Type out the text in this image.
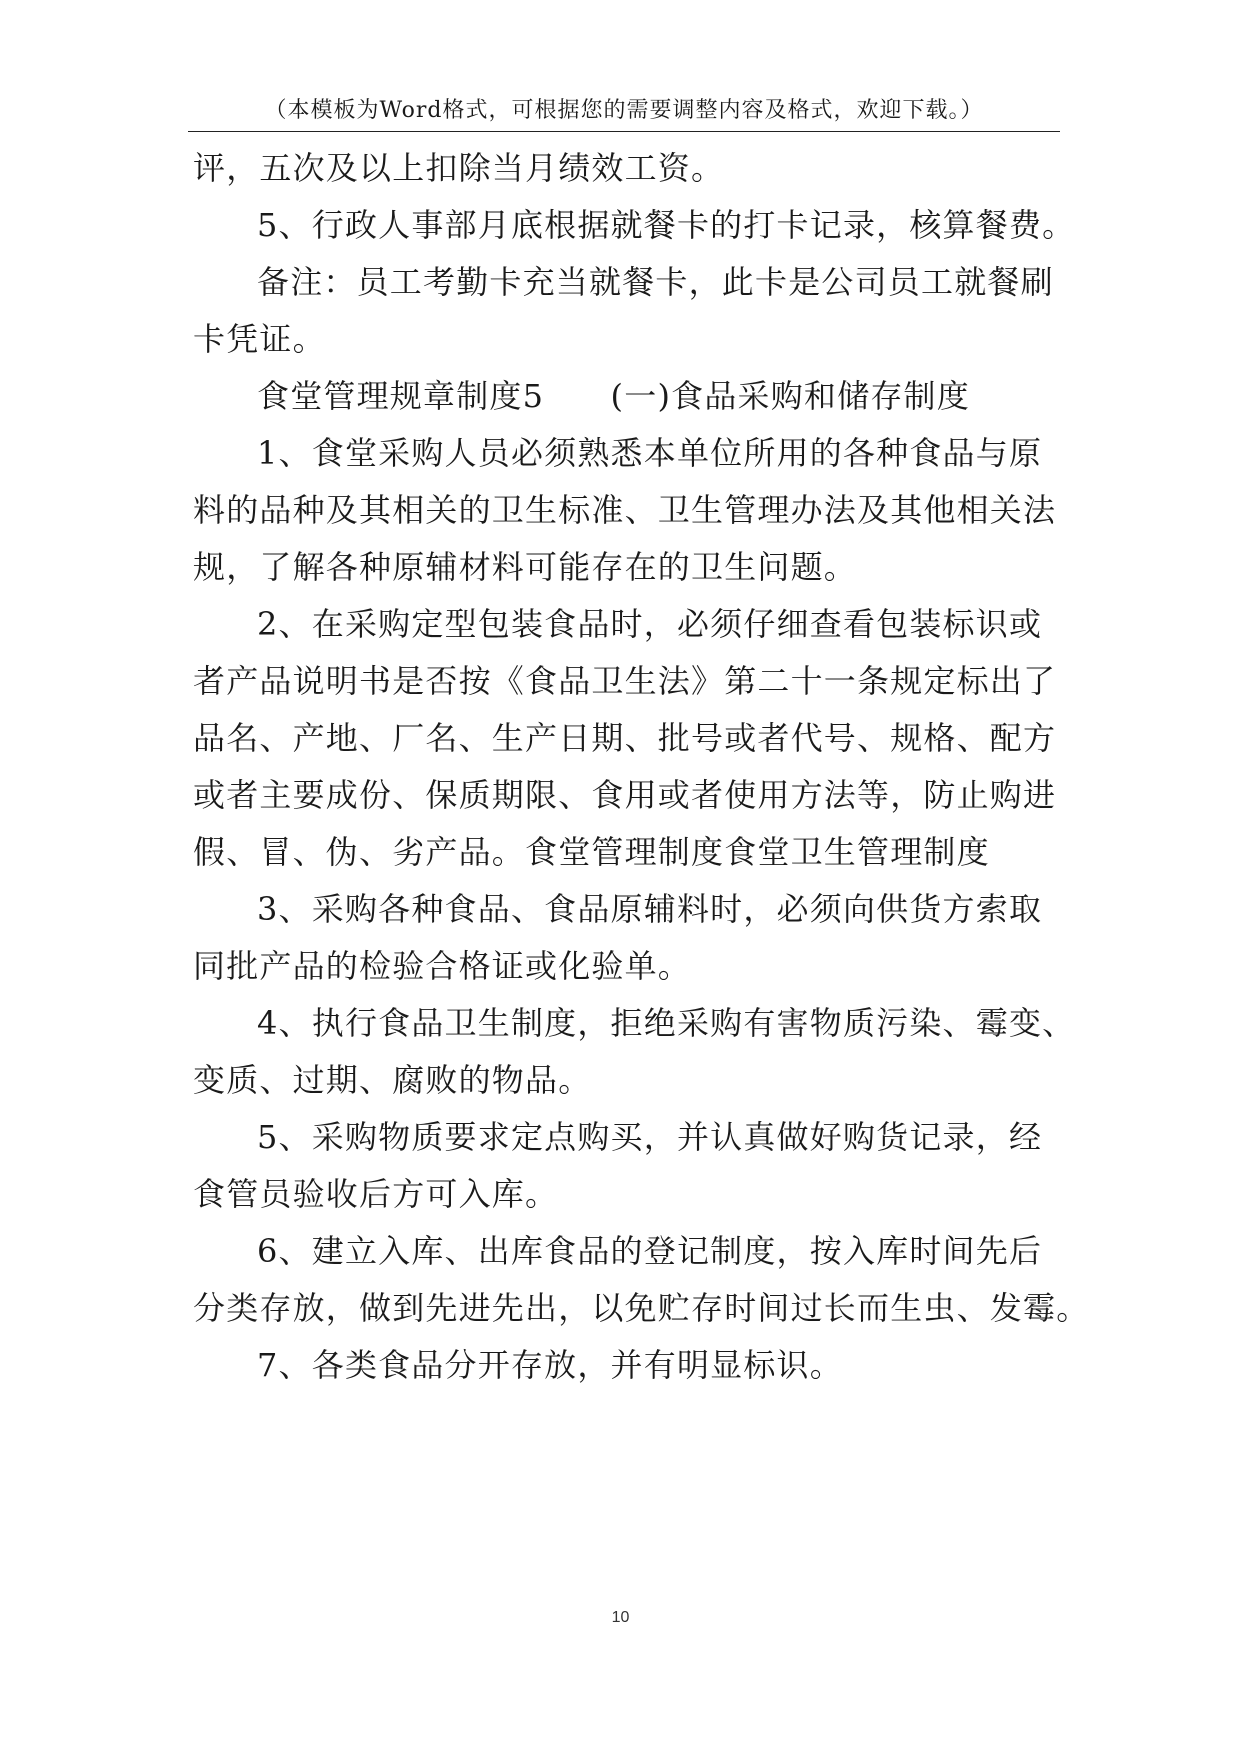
（本模板为Word格式，可根据您的需要调整内容及格式，欢迎下载。）
评，五次及以上扣除当月绩效工资。
5、行政人事部月底根据就餐卡的打卡记录，核算餐费。
备注：员工考勤卡充当就餐卡，此卡是公司员工就餐刷
卡凭证。
食堂管理规章制度5　　(一)食品采购和储存制度
1、食堂采购人员必须熟悉本单位所用的各种食品与原
料的品种及其相关的卫生标准、卫生管理办法及其他相关法
规，了解各种原辅材料可能存在的卫生问题。
2、在采购定型包装食品时，必须仔细查看包装标识或
者产品说明书是否按《食品卫生法》第二十一条规定标出了
品名、产地、厂名、生产日期、批号或者代号、规格、配方
或者主要成份、保质期限、食用或者使用方法等，防止购进
假、冒、伪、劣产品。食堂管理制度食堂卫生管理制度
3、采购各种食品、食品原辅料时，必须向供货方索取
同批产品的检验合格证或化验单。
4、执行食品卫生制度，拒绝采购有害物质污染、霉变、
变质、过期、腐败的物品。
5、采购物质要求定点购买，并认真做好购货记录，经
食管员验收后方可入库。
6、建立入库、出库食品的登记制度，按入库时间先后
分类存放，做到先进先出，以免贮存时间过长而生虫、发霉。
7、各类食品分开存放，并有明显标识。
10
